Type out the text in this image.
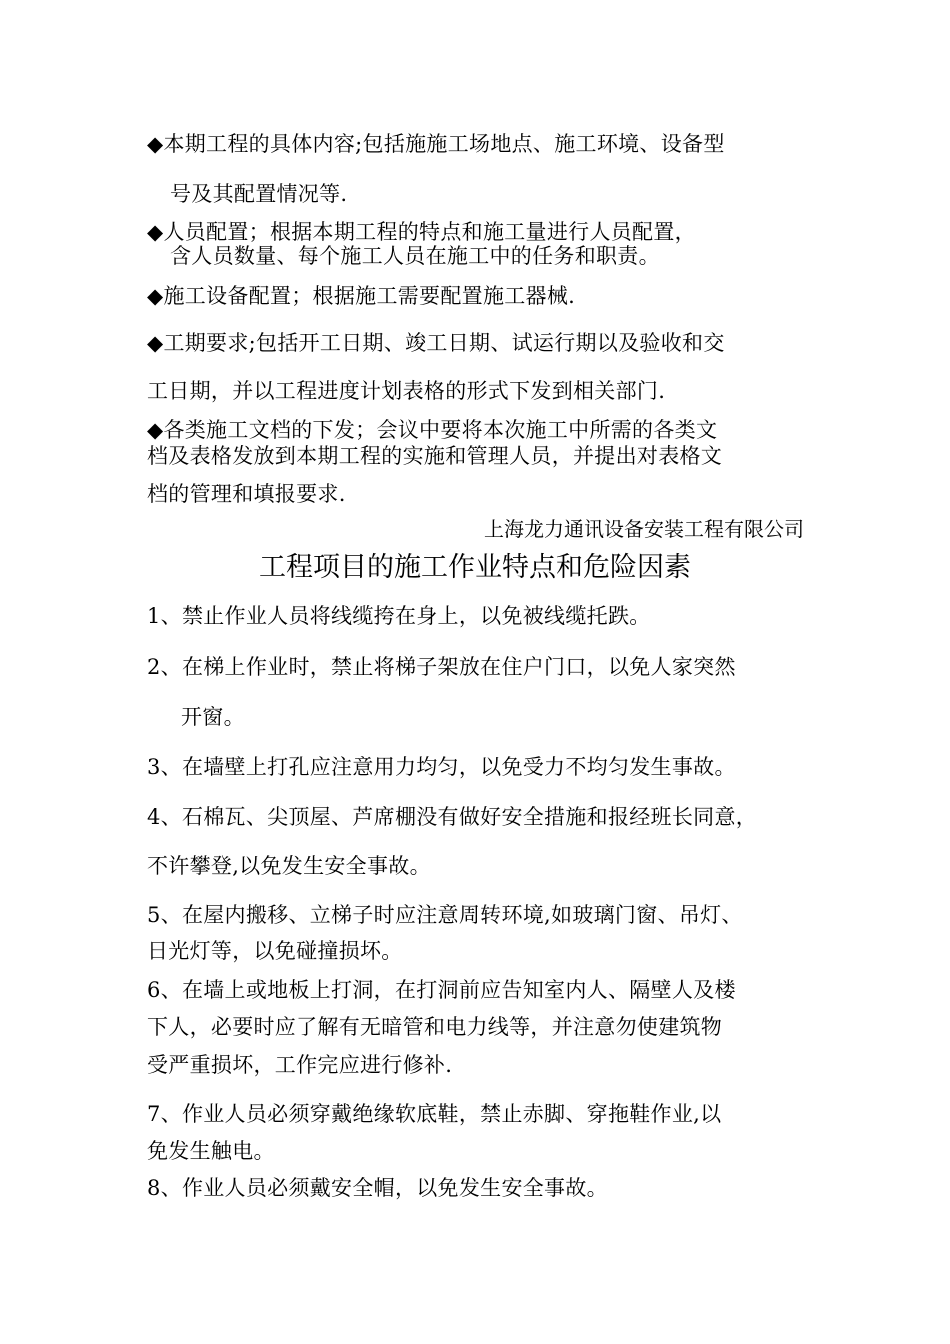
◆本期工程的具体内容;包括施施工场地点、施工环境、设备型

号及其配置情况等.

◆人员配置；根据本期工程的特点和施工量进行人员配置，

含人员数量、每个施工人员在施工中的任务和职责。

◆施工设备配置；根据施工需要配置施工器械.

◆工期要求;包括开工日期、竣工日期、试运行期以及验收和交

工日期，并以工程进度计划表格的形式下发到相关部门.

◆各类施工文档的下发；会议中要将本次施工中所需的各类文

档及表格发放到本期工程的实施和管理人员，并提出对表格文

档的管理和填报要求.

上海龙力通讯设备安装工程有限公司
工程项目的施工作业特点和危险因素

1、禁止作业人员将线缆挎在身上，以免被线缆托跌。

2、在梯上作业时，禁止将梯子架放在住户门口，以免人家突然

开窗。

3、在墙壁上打孔应注意用力均匀，以免受力不均匀发生事故。

4、石棉瓦、尖顶屋、芦席棚没有做好安全措施和报经班长同意，

不许攀登,以免发生安全事故。

5、在屋内搬移、立梯子时应注意周转环境,如玻璃门窗、吊灯、

日光灯等，以免碰撞损坏。

6、在墙上或地板上打洞，在打洞前应告知室内人、隔壁人及楼

下人，必要时应了解有无暗管和电力线等，并注意勿使建筑物

受严重损坏，工作完应进行修补.

7、作业人员必须穿戴绝缘软底鞋，禁止赤脚、穿拖鞋作业,以

免发生触电。

8、作业人员必须戴安全帽，以免发生安全事故。
